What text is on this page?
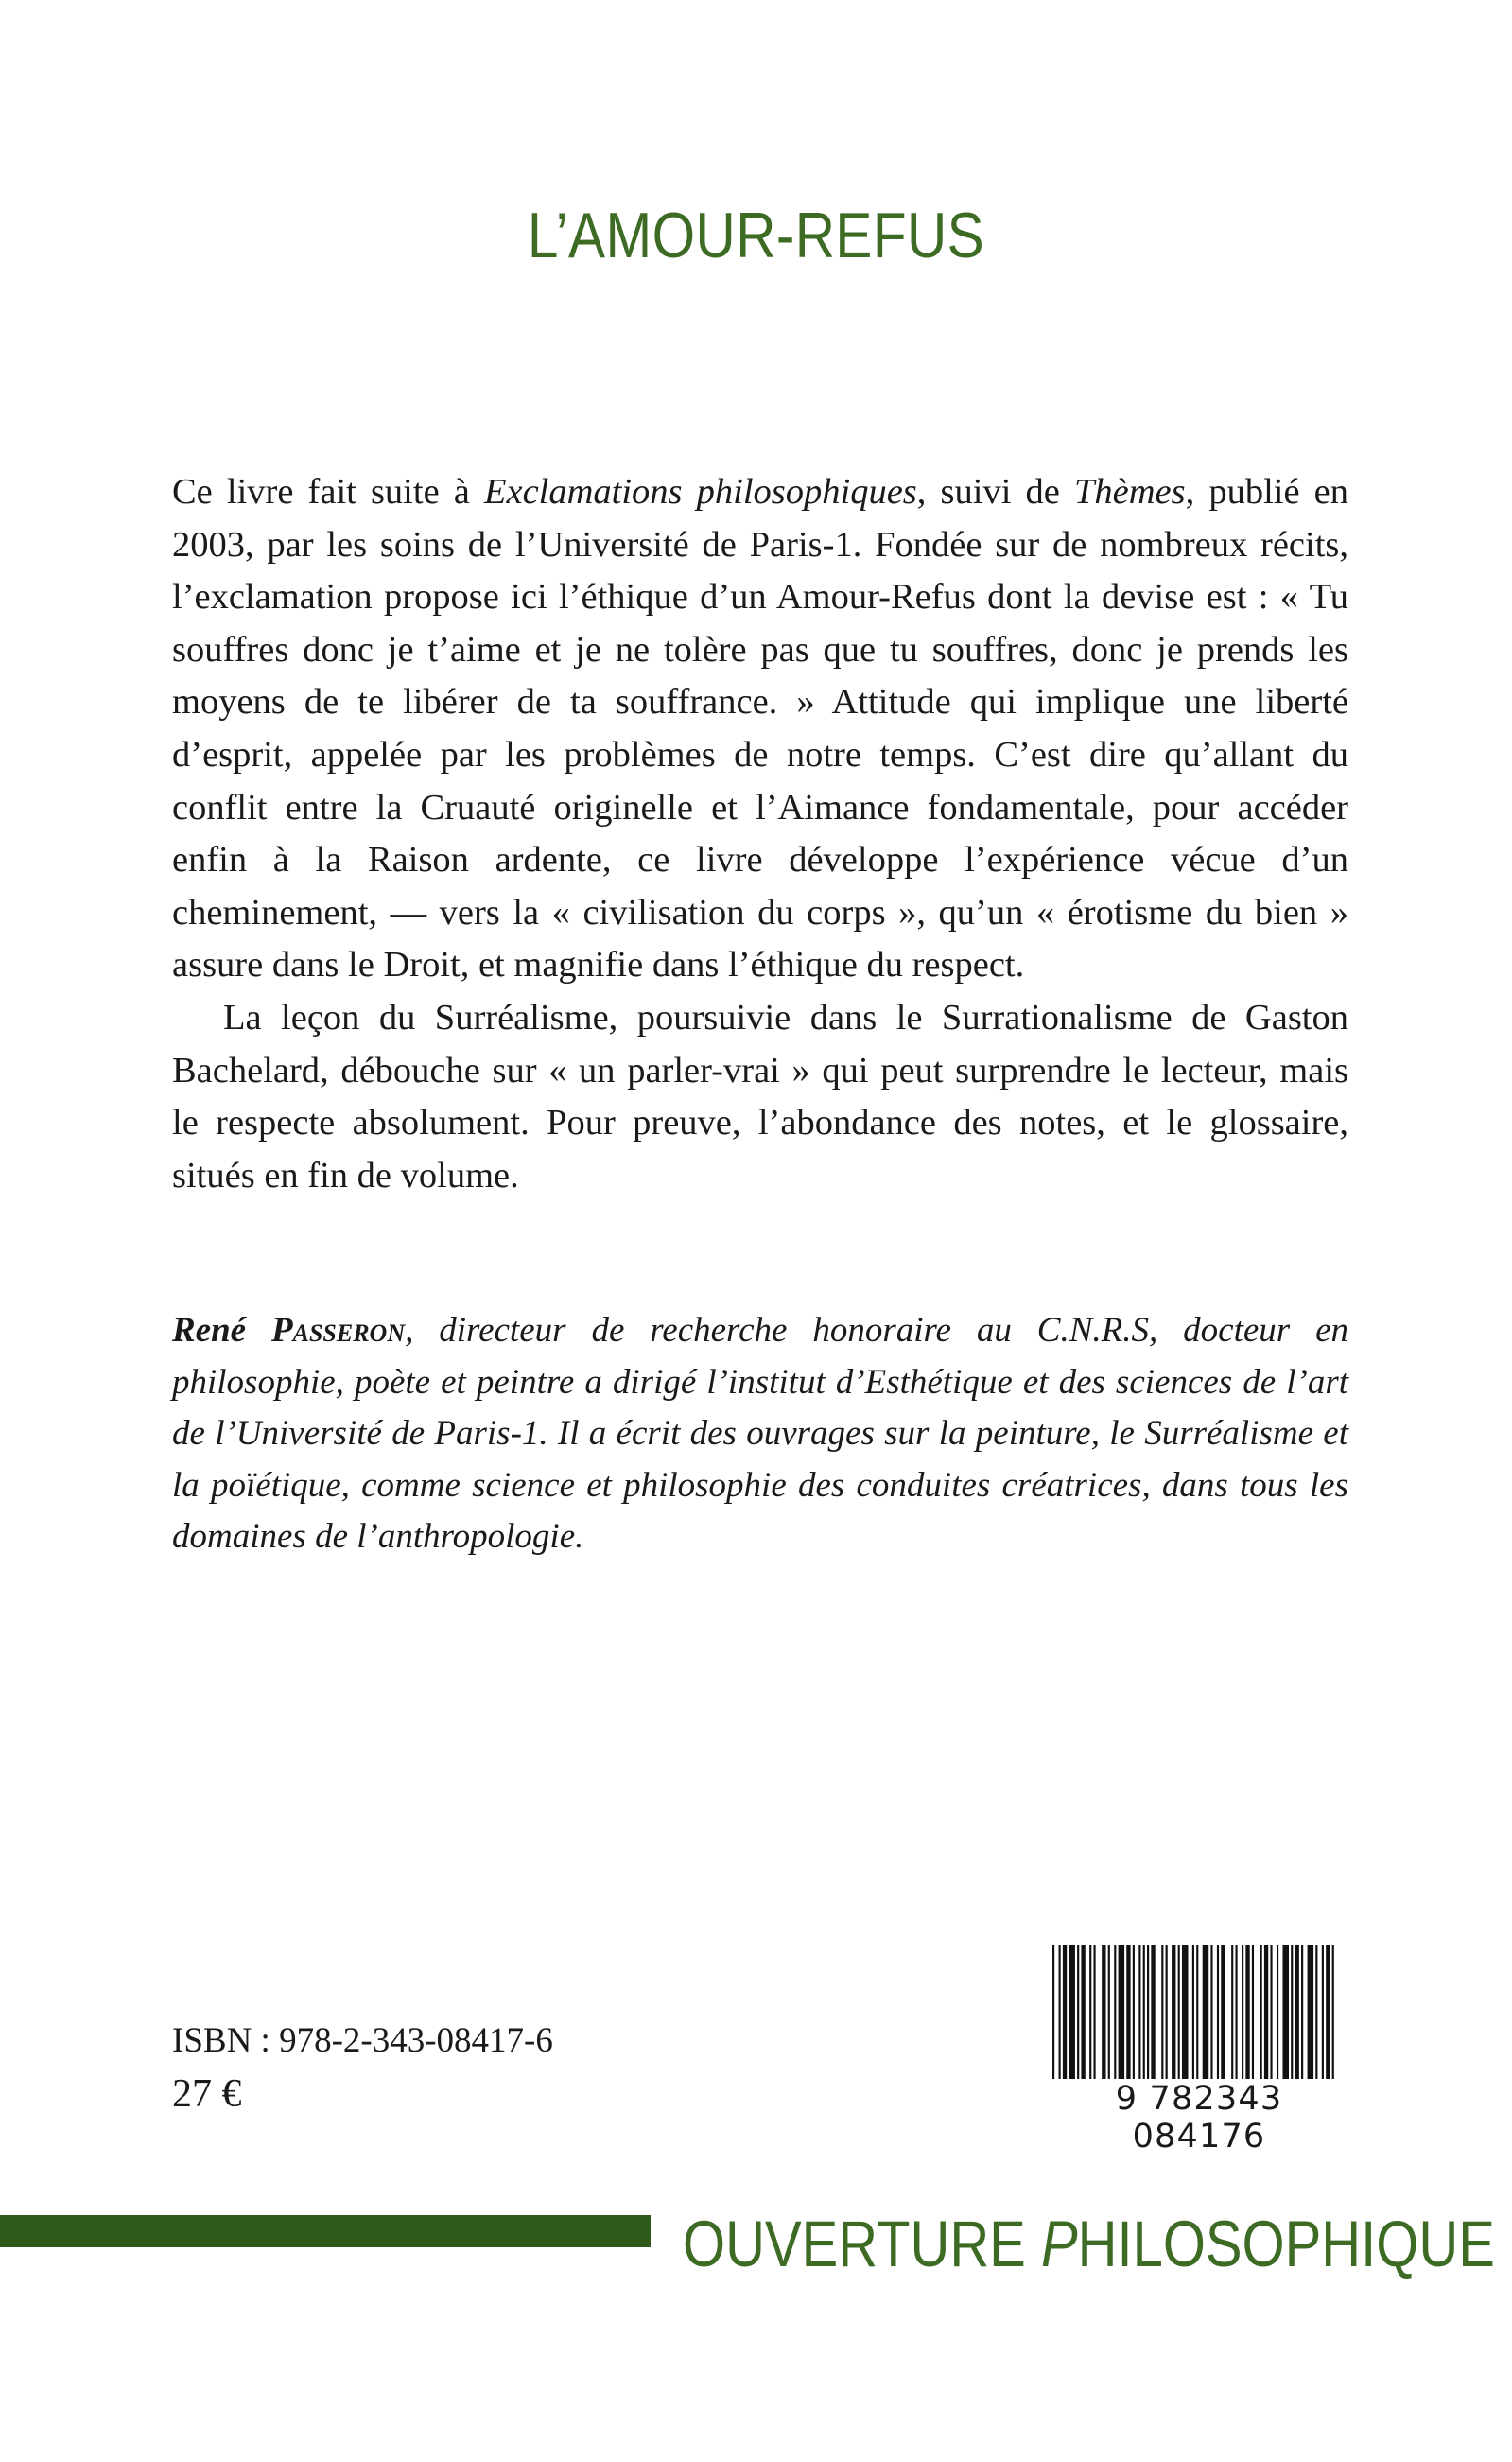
L’AMOUR-REFUS

Ce livre fait suite à Exclamations philosophiques, suivi de Thèmes, publié en 2003, par les soins de l’Université de Paris-1. Fondée sur de nombreux récits, l’exclamation propose ici l’éthique d’un Amour-Refus dont la devise est : « Tu souffres donc je t’aime et je ne tolère pas que tu souffres, donc je prends les moyens de te libérer de ta souffrance. » Attitude qui implique une liberté d’esprit, appelée par les problèmes de notre temps. C’est dire qu’allant du conflit entre la Cruauté originelle et l’Aimance fondamentale, pour accéder enfin à la Raison ardente, ce livre développe l’expérience vécue d’un cheminement, — vers la « civilisation du corps », qu’un « érotisme du bien » assure dans le Droit, et magnifie dans l’éthique du respect.

La leçon du Surréalisme, poursuivie dans le Surrationalisme de Gaston Bachelard, débouche sur « un parler-vrai » qui peut surprendre le lecteur, mais le respecte absolument. Pour preuve, l’abondance des notes, et le glossaire, situés en fin de volume.

René Passeron, directeur de recherche honoraire au C.N.R.S, docteur en philosophie, poète et peintre a dirigé l’institut d’Esthétique et des sciences de l’art de l’Université de Paris-1. Il a écrit des ouvrages sur la peinture, le Surréalisme et la poïétique, comme science et philosophie des conduites créatrices, dans tous les domaines de l’anthropologie.

ISBN : 978-2-343-08417-6
27 €	9 782343 084176
OUVERTURE PHILOSOPHIQUE
